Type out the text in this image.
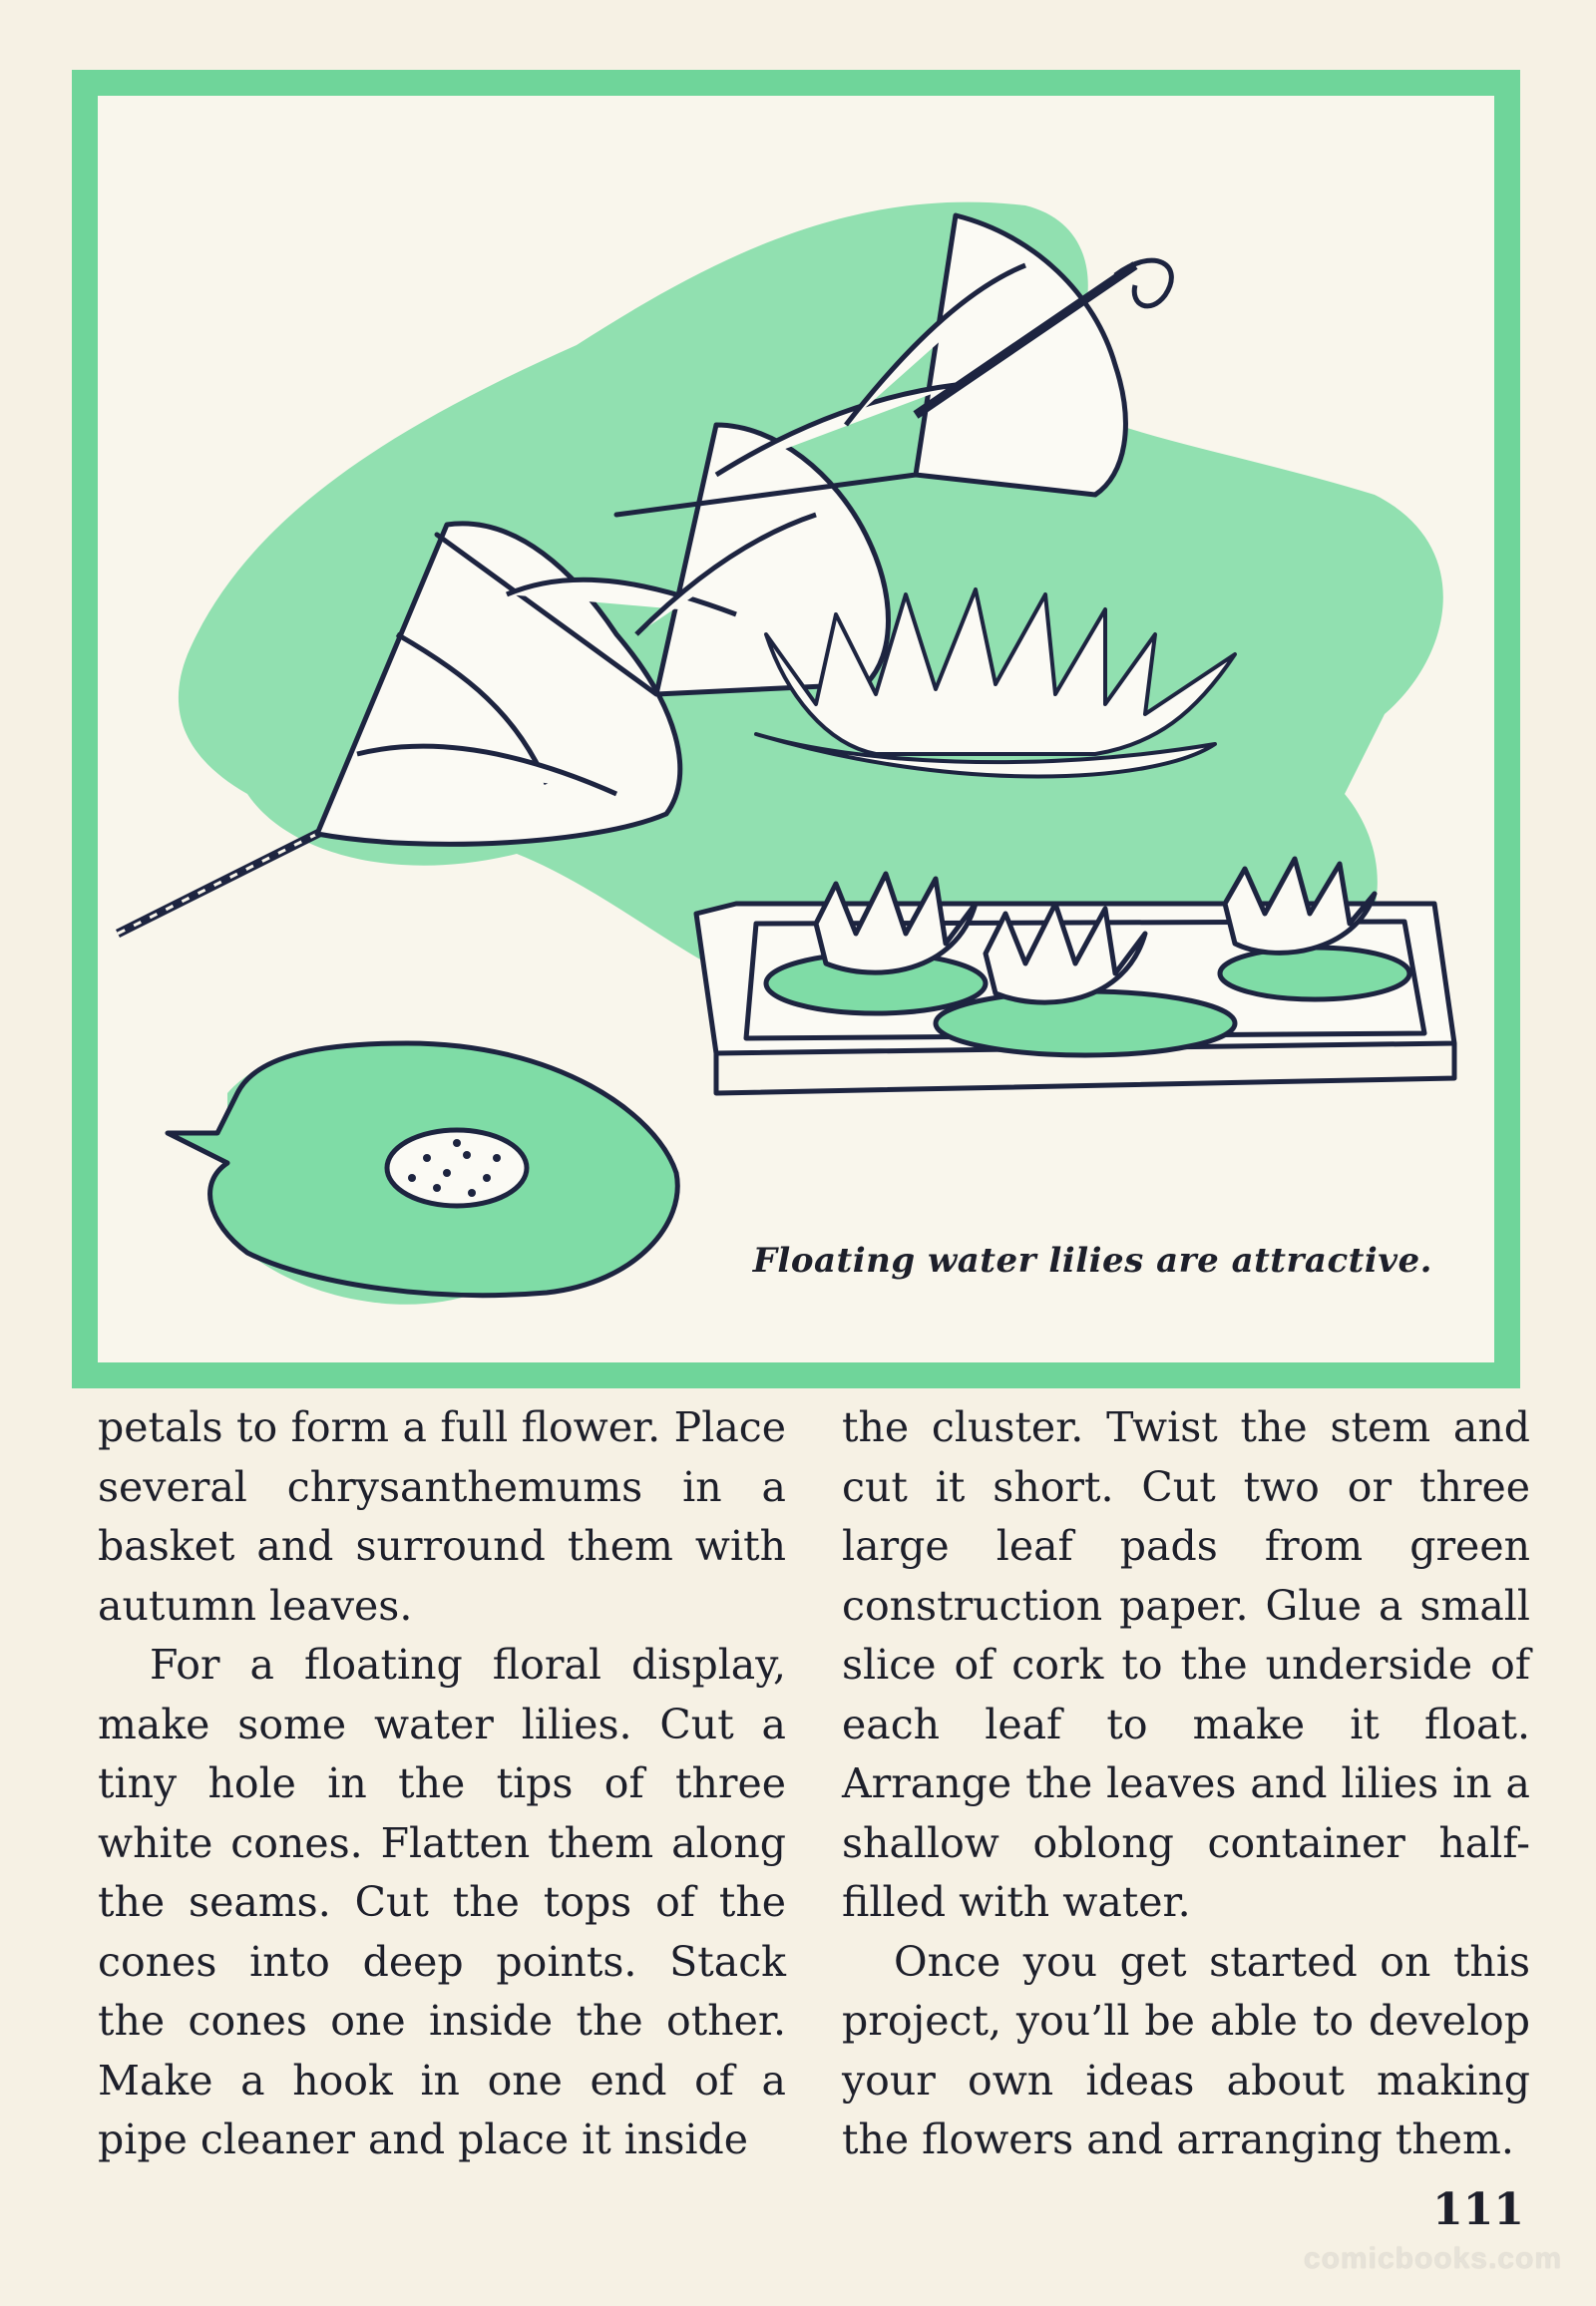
Floating water lilies are attractive.

petals to form a full flower. Place several chrysanthemums in a basket and surround them with autumn leaves.

For a floating floral display, make some water lilies. Cut a tiny hole in the tips of three white cones. Flatten them along the seams. Cut the tops of the cones into deep points. Stack the cones one inside the other. Make a hook in one end of a pipe cleaner and place it inside

the cluster. Twist the stem and cut it short. Cut two or three large leaf pads from green construction paper. Glue a small slice of cork to the underside of each leaf to make it float. Arrange the leaves and lilies in a shallow oblong container half-filled with water.

Once you get started on this project, you’ll be able to develop your own ideas about making the flowers and arranging them.

111
comicbooks.com
